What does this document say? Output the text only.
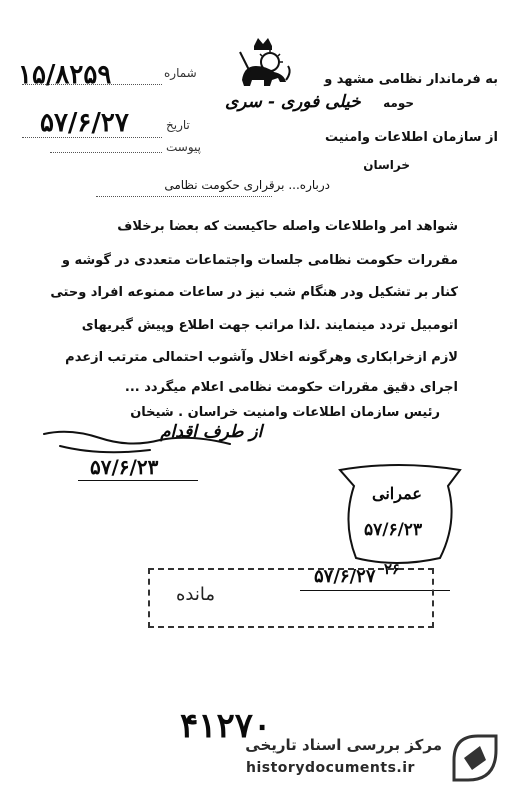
شماره
۱۵/۸۲۵۹
تاریخ
۵۷/۶/۲۷
پیوست
به فرماندار نظامی مشهد و
حومه
خیلی فوری - سری
از سازمان اطلاعات وامنیت
خراسان
درباره... برقراری حکومت نظامی
شواهد امر واطلاعات واصله حاکیست که بعضا برخلاف
مقررات حکومت نظامی جلسات واجتماعات متعددی در گوشه و
کنار بر تشکیل ودر هنگام شب نیز در ساعات ممنوعه افراد وحتی
اتومبیل تردد مینمایند .لذا مراتب جهت اطلاع وپیش گیریهای
لازم ازخرابکاری وهرگونه اخلال وآشوب احتمالی مترتب ازعدم
اجرای دقیق مقررات حکومت نظامی اعلام میگردد ...
رئیس سازمان اطلاعات وامنیت خراسان . شیخان
از طرف اقدام
۵۷/۶/۲۳
عمرانی
۵۷/۶/۲۳
۲۶
۵۷/۶/۲۷
مانده
۴۱۲۷۰
مرکز بررسی اسناد تاریخی
historydocuments.ir
